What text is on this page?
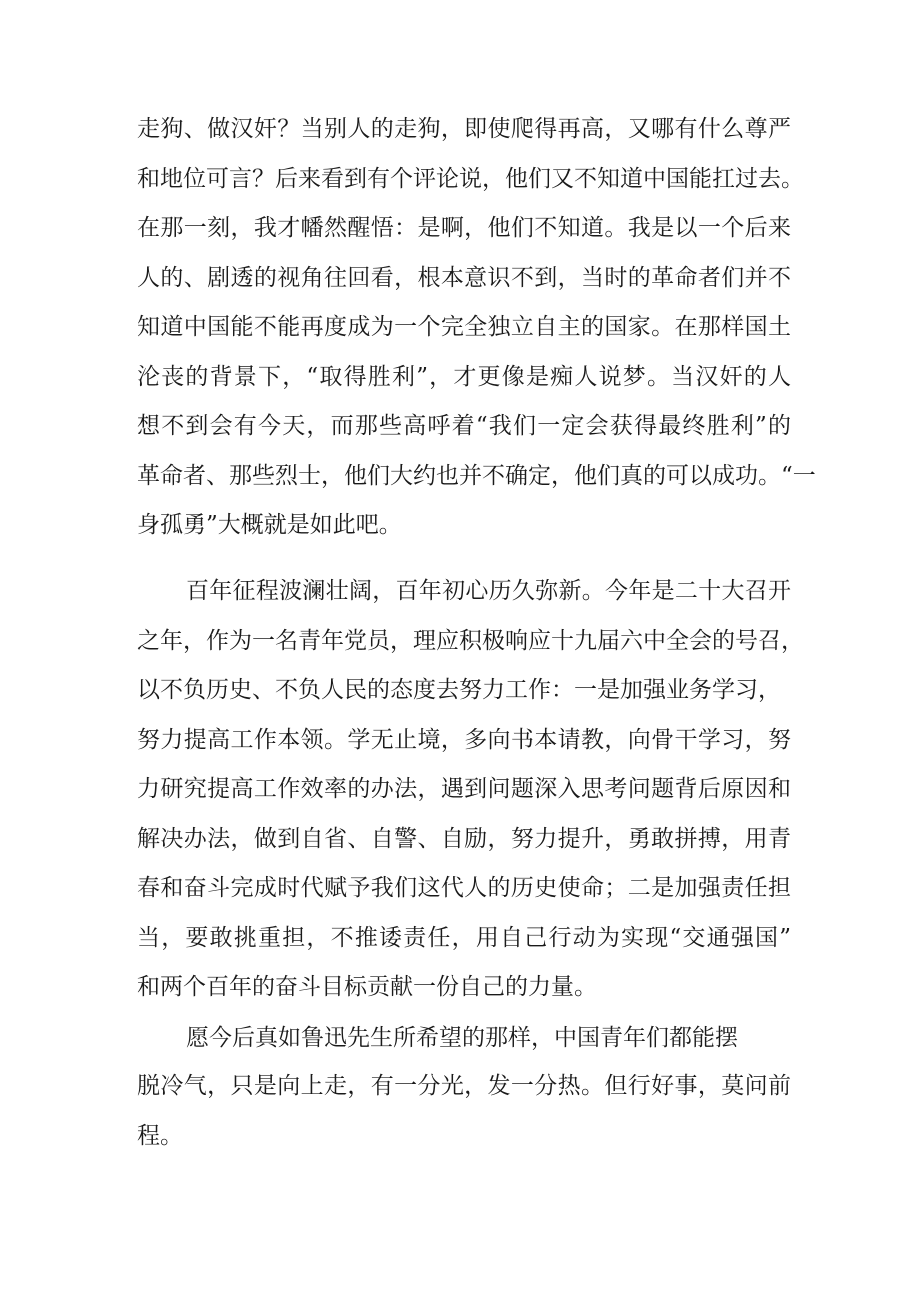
走狗、做汉奸？当别人的走狗，即使爬得再高，又哪有什么尊严
和地位可言？后来看到有个评论说，他们又不知道中国能扛过去。
在那一刻，我才幡然醒悟：是啊，他们不知道。我是以一个后来
人的、剧透的视角往回看，根本意识不到，当时的革命者们并不
知道中国能不能再度成为一个完全独立自主的国家。在那样国土
沦丧的背景下，“取得胜利”，才更像是痴人说梦。当汉奸的人
想不到会有今天，而那些高呼着“我们一定会获得最终胜利”的
革命者、那些烈士，他们大约也并不确定，他们真的可以成功。“一
身孤勇”大概就是如此吧。
百年征程波澜壮阔，百年初心历久弥新。今年是二十大召开
之年，作为一名青年党员，理应积极响应十九届六中全会的号召，
以不负历史、不负人民的态度去努力工作：一是加强业务学习，
努力提高工作本领。学无止境，多向书本请教，向骨干学习，努
力研究提高工作效率的办法，遇到问题深入思考问题背后原因和
解决办法，做到自省、自警、自励，努力提升，勇敢拼搏，用青
春和奋斗完成时代赋予我们这代人的历史使命；二是加强责任担
当，要敢挑重担，不推诿责任，用自己行动为实现“交通强国”
和两个百年的奋斗目标贡献一份自己的力量。
愿今后真如鲁迅先生所希望的那样，中国青年们都能摆
脱冷气，只是向上走，有一分光，发一分热。但行好事，莫问前
程。
